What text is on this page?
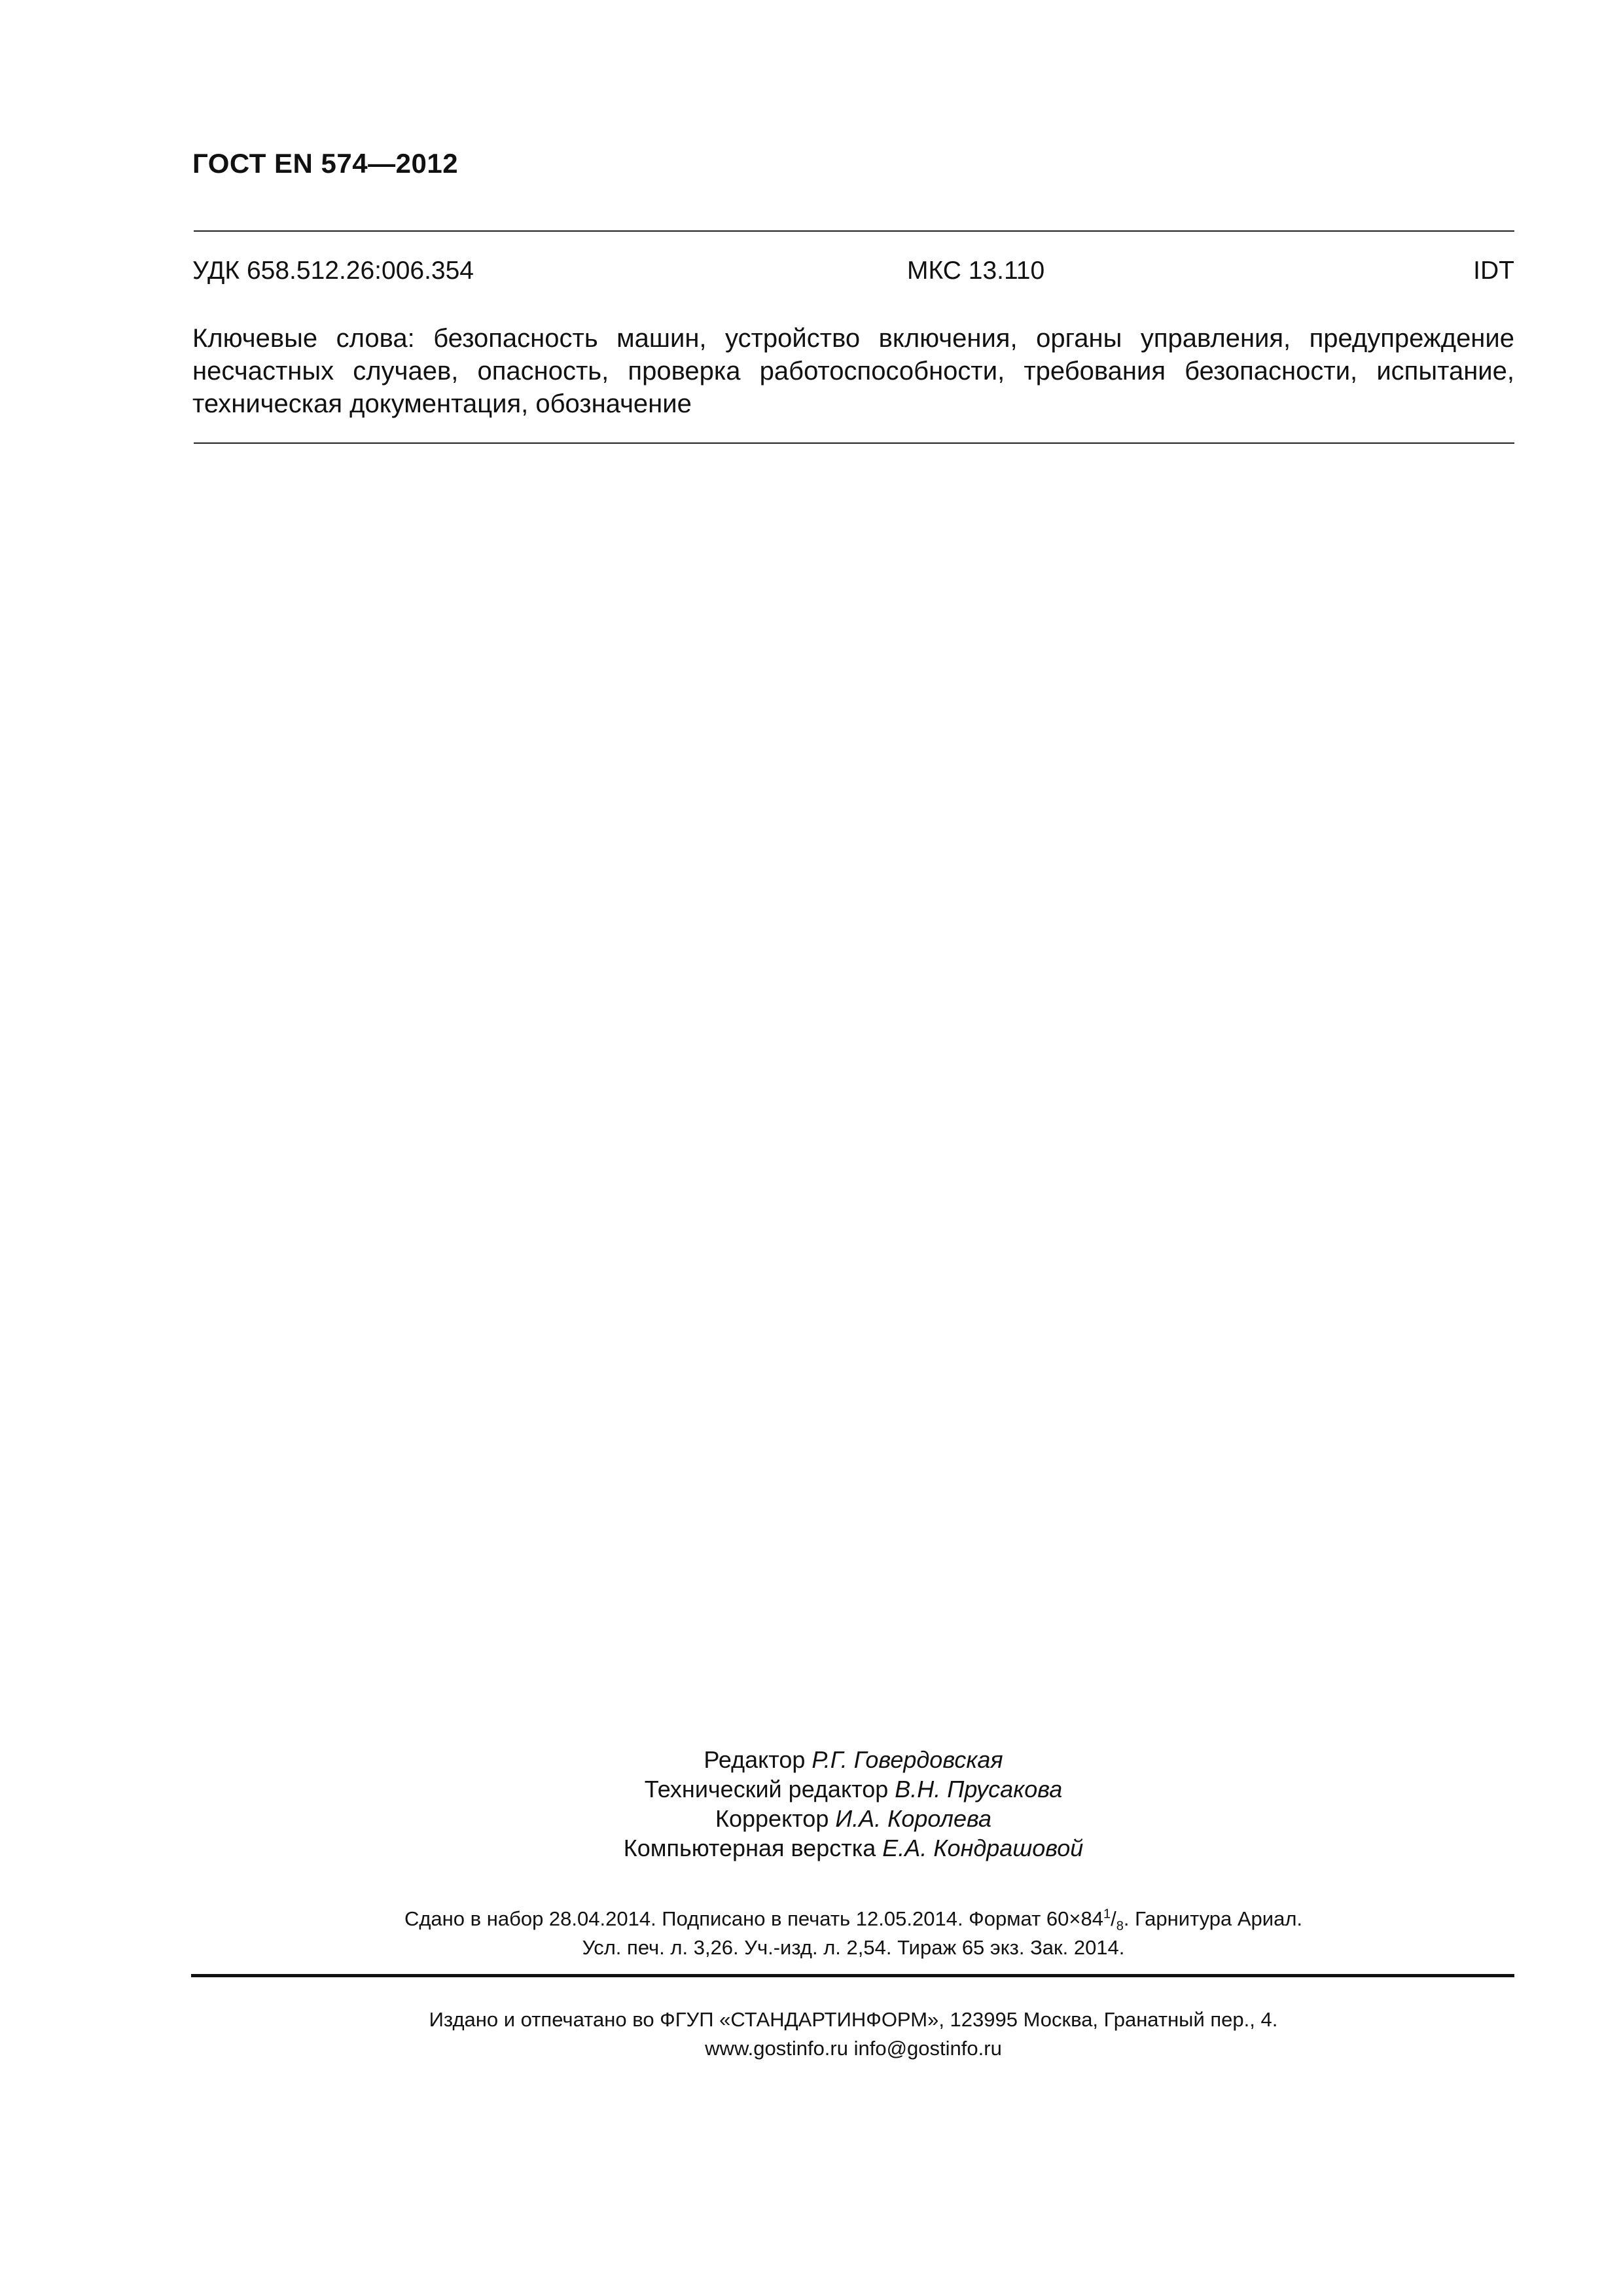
ГОСТ EN 574—2012
УДК 658.512.26:006.354	МКС 13.110	IDT
Ключевые слова: безопасность машин, устройство включения, органы управления, предупреждение несчастных случаев, опасность, проверка работоспособности, требования безопасности, испытание, техническая документация, обозначение
Редактор Р.Г. Говердовская
Технический редактор В.Н. Прусакова
Корректор И.А. Королева
Компьютерная верстка Е.А. Кондрашовой
Сдано в набор 28.04.2014. Подписано в печать 12.05.2014. Формат $60\times 84^1/_8$. Гарнитура Ариал.
Усл. печ. л. 3,26. Уч.-изд. л. 2,54. Тираж 65 экз. Зак. 2014.
Издано и отпечатано во ФГУП «СТАНДАРТИНФОРМ», 123995 Москва, Гранатный пер., 4.
www.gostinfo.ru info@gostinfo.ru
